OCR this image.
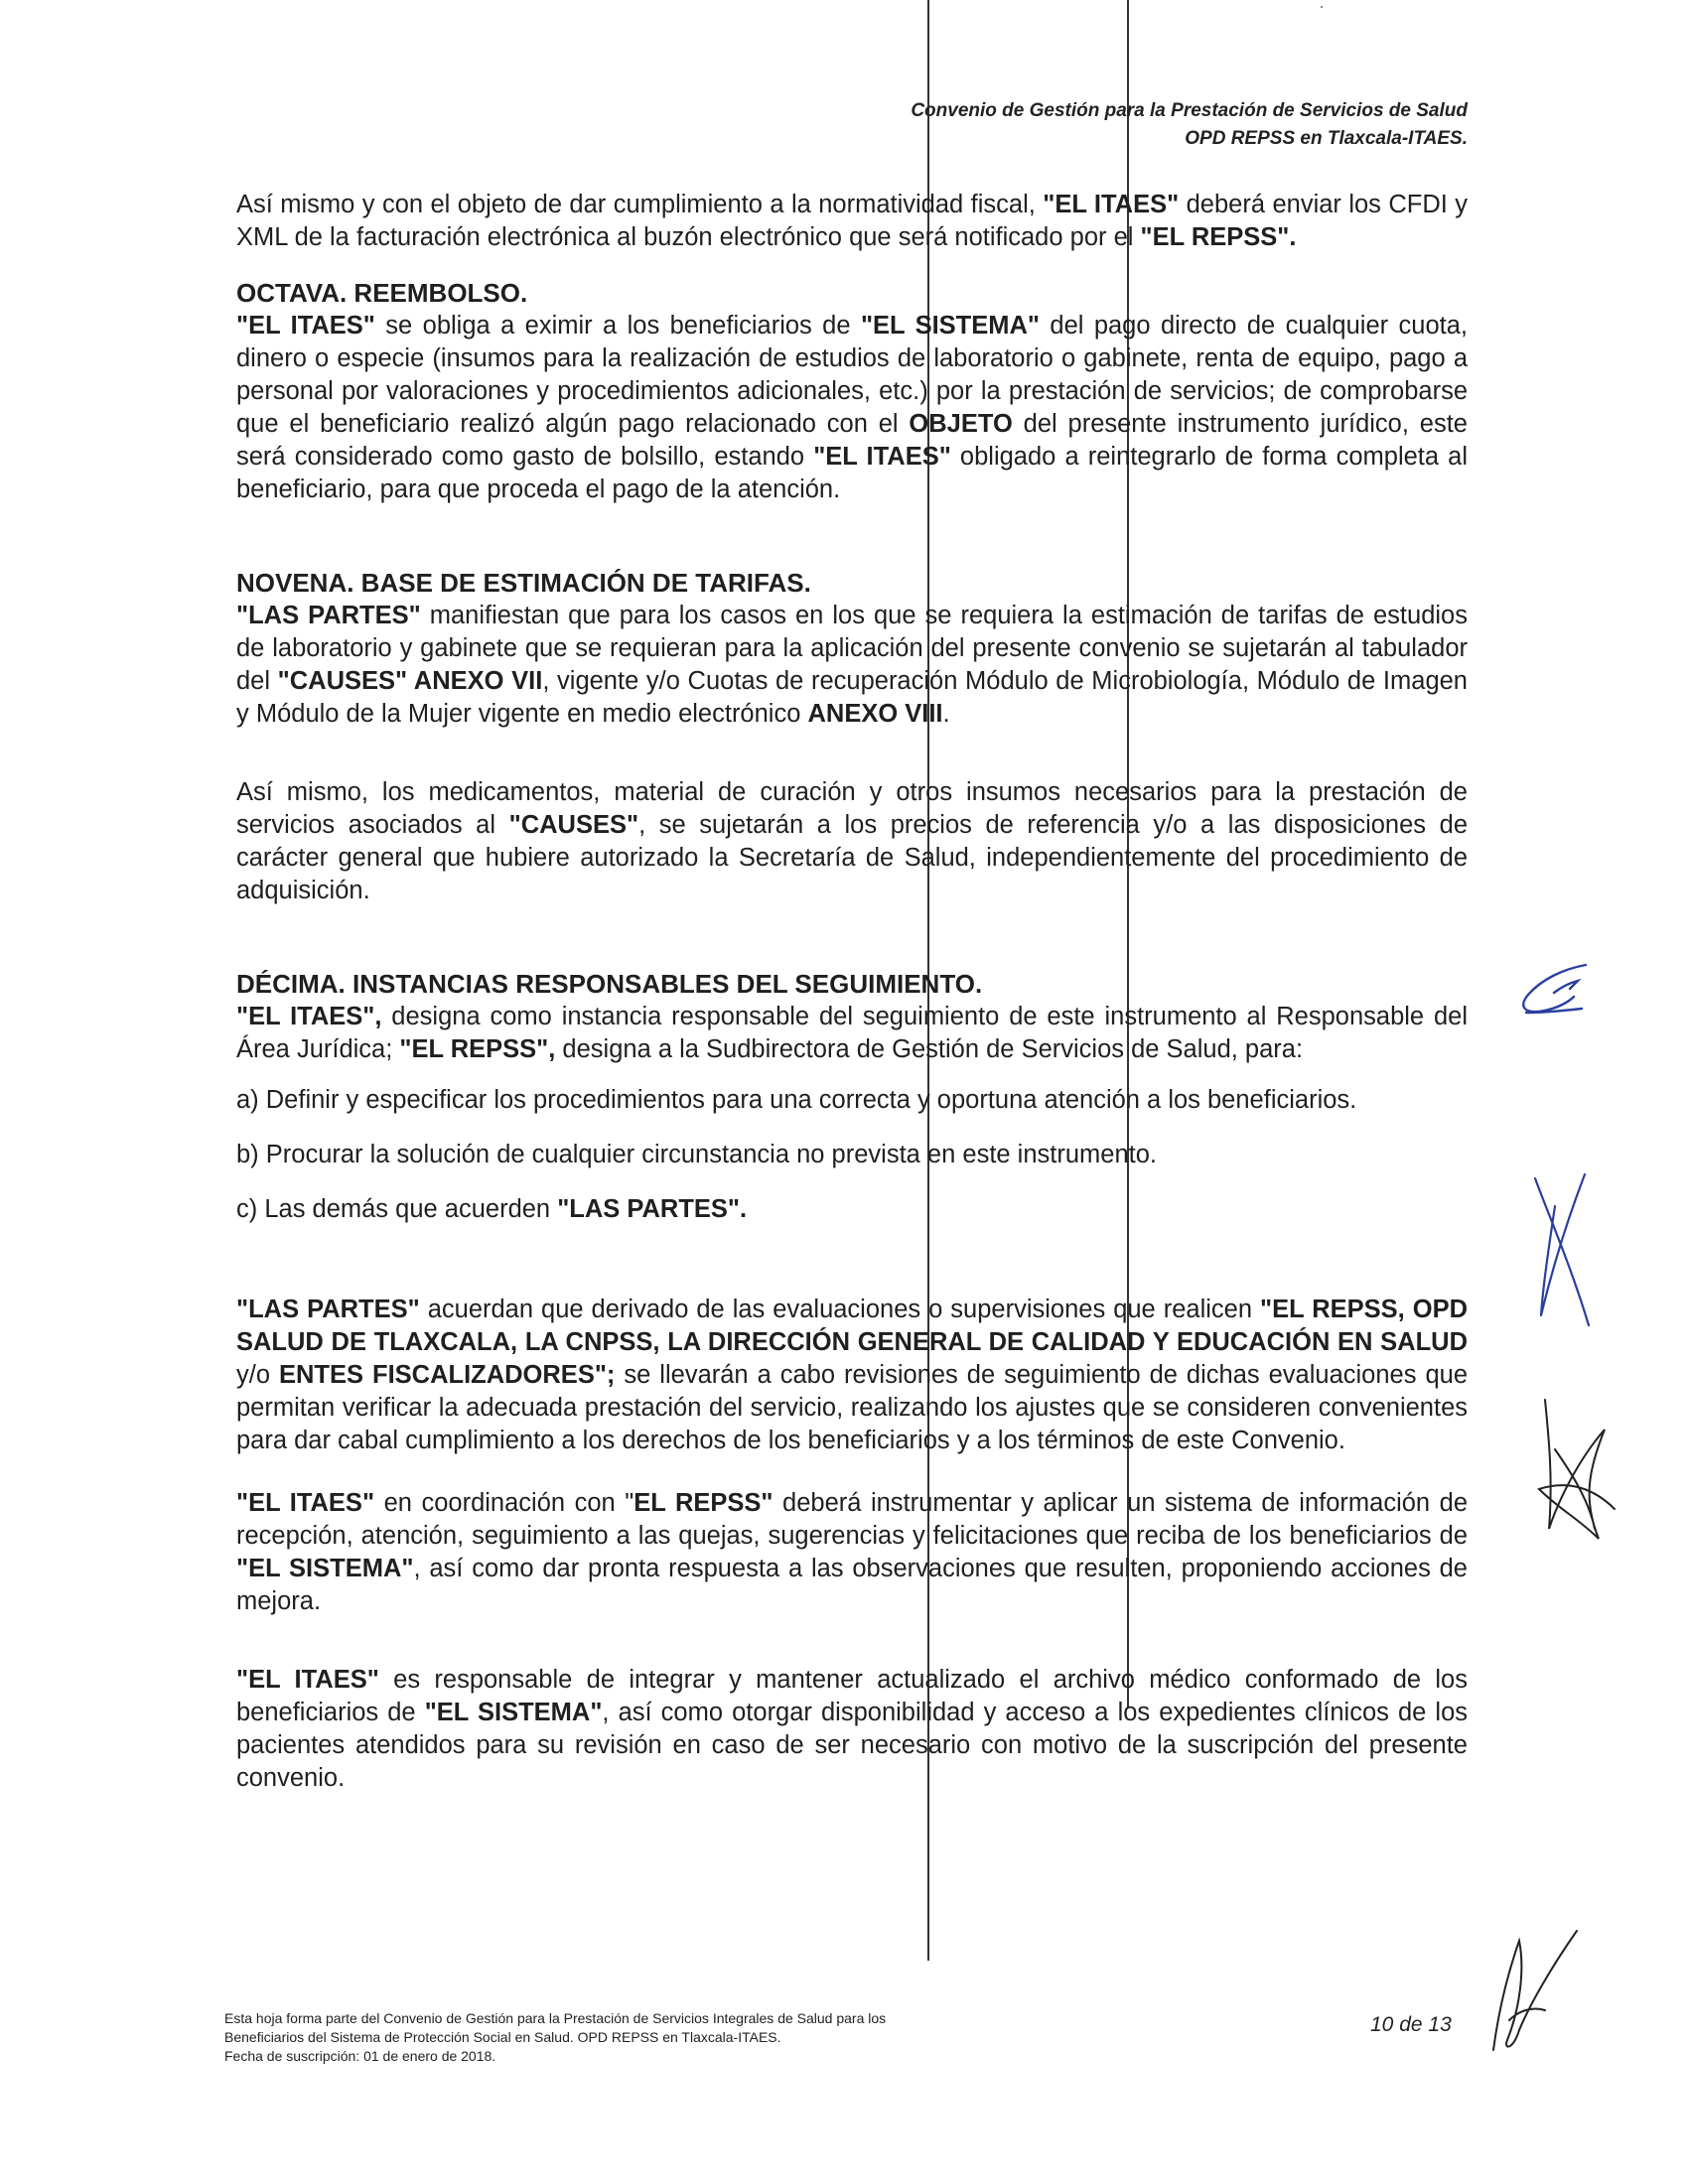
Convenio de Gestión para la Prestación de Servicios de Salud
OPD REPSS en Tlaxcala-ITAES.

Así mismo y con el objeto de dar cumplimiento a la normatividad fiscal, "EL ITAES" deberá enviar los CFDI y XML de la facturación electrónica al buzón electrónico que será notificado por el "EL REPSS".

OCTAVA. REEMBOLSO.

"EL ITAES" se obliga a eximir a los beneficiarios de "EL SISTEMA" del pago directo de cualquier cuota, dinero o especie (insumos para la realización de estudios de laboratorio o gabinete, renta de equipo, pago a personal por valoraciones y procedimientos adicionales, etc.) por la prestación de servicios; de comprobarse que el beneficiario realizó algún pago relacionado con el OBJETO del presente instrumento jurídico, este será considerado como gasto de bolsillo, estando "EL ITAES" obligado a reintegrarlo de forma completa al beneficiario, para que proceda el pago de la atención.

NOVENA. BASE DE ESTIMACIÓN DE TARIFAS.

"LAS PARTES" manifiestan que para los casos en los que se requiera la estimación de tarifas de estudios de laboratorio y gabinete que se requieran para la aplicación del presente convenio se sujetarán al tabulador del "CAUSES" ANEXO VII, vigente y/o Cuotas de recuperación Módulo de Microbiología, Módulo de Imagen y Módulo de la Mujer vigente en medio electrónico ANEXO VIII.

Así mismo, los medicamentos, material de curación y otros insumos necesarios para la prestación de servicios asociados al "CAUSES", se sujetarán a los precios de referencia y/o a las disposiciones de carácter general que hubiere autorizado la Secretaría de Salud, independientemente del procedimiento de adquisición.

DÉCIMA. INSTANCIAS RESPONSABLES DEL SEGUIMIENTO.

"EL ITAES", designa como instancia responsable del seguimiento de este instrumento al Responsable del Área Jurídica; "EL REPSS", designa a la Sudbirectora de Gestión de Servicios de Salud, para:

a) Definir y especificar los procedimientos para una correcta y oportuna atención a los beneficiarios.

b) Procurar la solución de cualquier circunstancia no prevista en este instrumento.

c) Las demás que acuerden "LAS PARTES".

"LAS PARTES" acuerdan que derivado de las evaluaciones o supervisiones que realicen "EL REPSS, OPD SALUD DE TLAXCALA, LA CNPSS, LA DIRECCIÓN GENERAL DE CALIDAD Y EDUCACIÓN EN SALUD y/o ENTES FISCALIZADORES"; se llevarán a cabo revisiones de seguimiento de dichas evaluaciones que permitan verificar la adecuada prestación del servicio, realizando los ajustes que se consideren convenientes para dar cabal cumplimiento a los derechos de los beneficiarios y a los términos de este Convenio.

"EL ITAES" en coordinación con "EL REPSS" deberá instrumentar y aplicar un sistema de información de recepción, atención, seguimiento a las quejas, sugerencias y felicitaciones que reciba de los beneficiarios de "EL SISTEMA", así como dar pronta respuesta a las observaciones que resulten, proponiendo acciones de mejora.

"EL ITAES" es responsable de integrar y mantener actualizado el archivo médico conformado de los beneficiarios de "EL SISTEMA", así como otorgar disponibilidad y acceso a los expedientes clínicos de los pacientes atendidos para su revisión en caso de ser necesario con motivo de la suscripción del presente convenio.

Esta hoja forma parte del Convenio de Gestión para la Prestación de Servicios Integrales de Salud para los
Beneficiarios del Sistema de Protección Social en Salud. OPD REPSS en Tlaxcala-ITAES.
Fecha de suscripción: 01 de enero de 2018.
10 de 13
